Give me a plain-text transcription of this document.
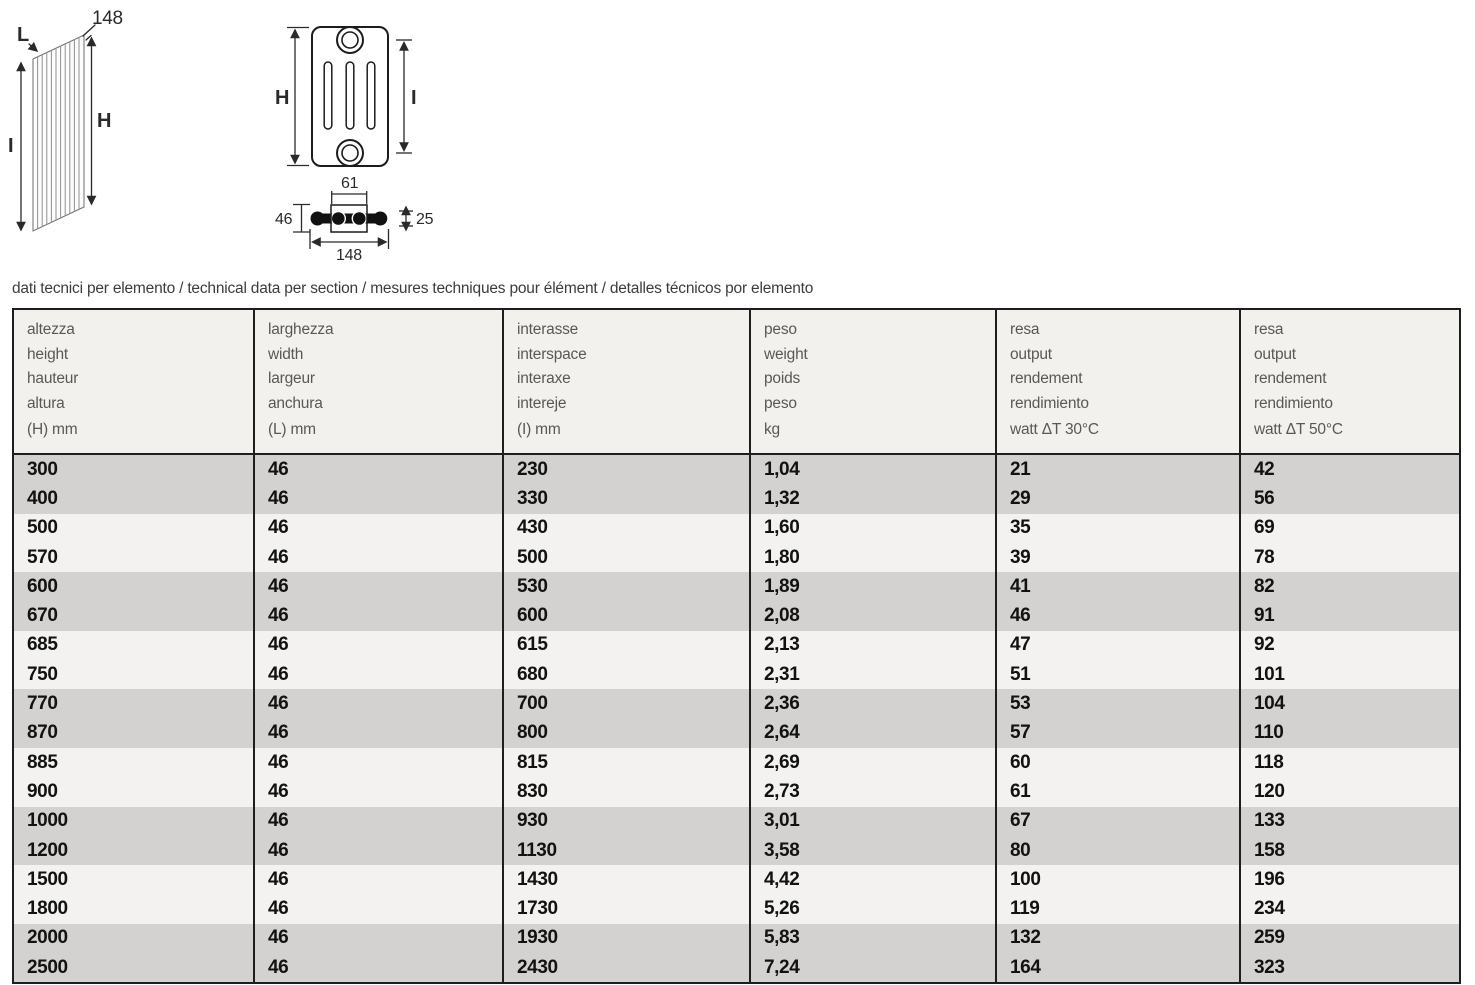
148
L
H
I
H	I
61
46	25
148
dati tecnici per elemento / technical data per section / mesures techniques pour élément / detalles técnicos por elemento
altezza
height
hauteur
altura
(H) mm
larghezza
width
largeur
anchura
(L) mm
interasse
interspace
interaxe
intereje
(I) mm
peso
weight
poids
peso
kg
resa
output
rendement
rendimiento
watt ΔT 30°C
resa
output
rendement
rendimiento
watt ΔT 50°C
300	46	230	1,04	21	42
400	46	330	1,32	29	56
500	46	430	1,60	35	69
570	46	500	1,80	39	78
600	46	530	1,89	41	82
670	46	600	2,08	46	91
685	46	615	2,13	47	92
750	46	680	2,31	51	101
770	46	700	2,36	53	104
870	46	800	2,64	57	110
885	46	815	2,69	60	118
900	46	830	2,73	61	120
1000	46	930	3,01	67	133
1200	46	1130	3,58	80	158
1500	46	1430	4,42	100	196
1800	46	1730	5,26	119	234
2000	46	1930	5,83	132	259
2500	46	2430	7,24	164	323
